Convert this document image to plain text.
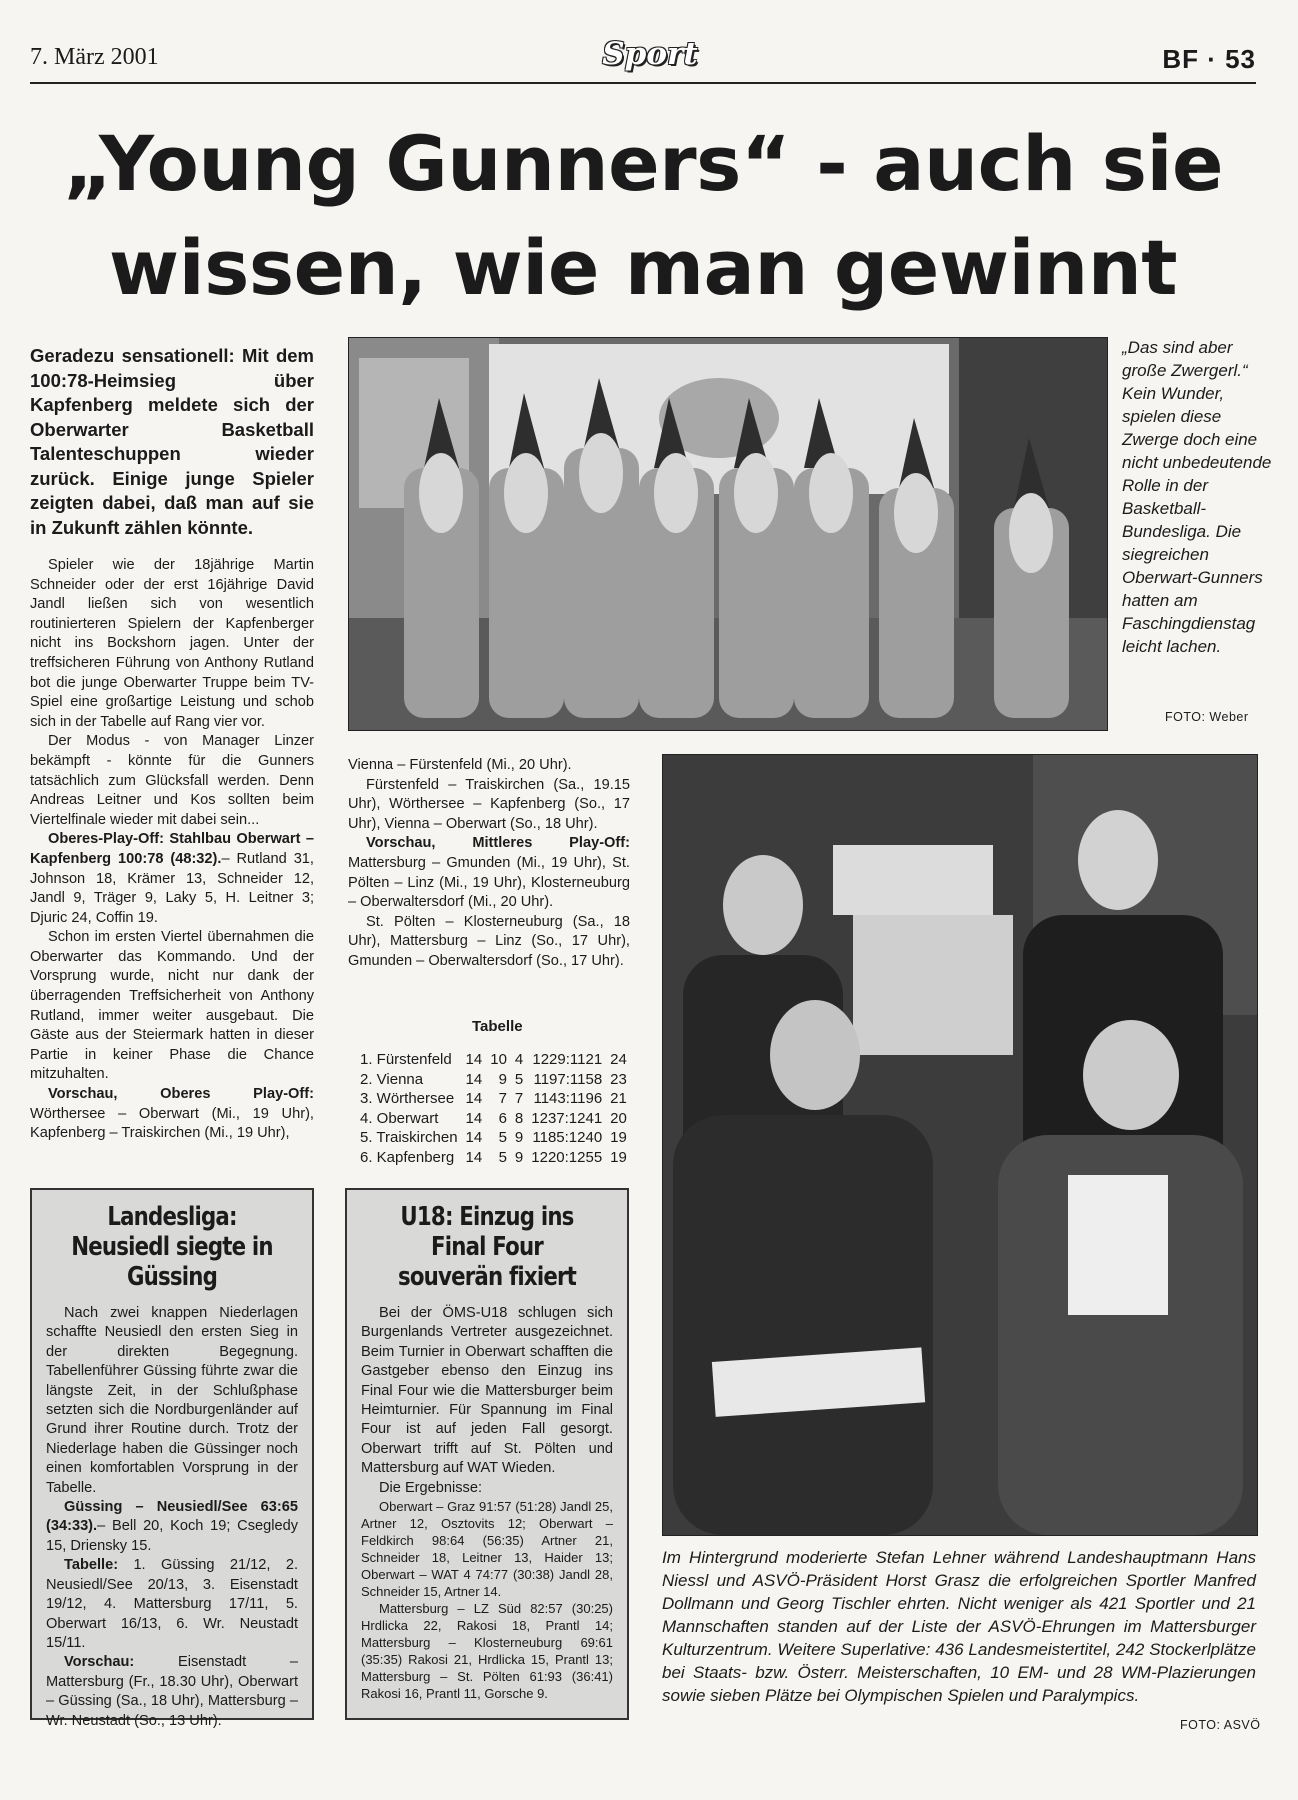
7. März 2001	Sport	BF · 53
„Young Gunners“ - auch sie
wissen, wie man gewinnt
Geradezu sensationell: Mit dem 100:78-Heimsieg über Kapfenberg meldete sich der Oberwarter Basketball Talenteschuppen wieder zurück. Einige junge Spieler zeigten dabei, daß man auf sie in Zukunft zählen könnte.

Spieler wie der 18jährige Martin Schneider oder der erst 16jährige David Jandl ließen sich von wesentlich routinierteren Spielern der Kapfenberger nicht ins Bockshorn jagen. Unter der treffsicheren Führung von Anthony Rutland bot die junge Oberwarter Truppe beim TV-Spiel eine großartige Leistung und schob sich in der Tabelle auf Rang vier vor.

Der Modus - von Manager Linzer bekämpft - könnte für die Gunners tatsächlich zum Glücksfall werden. Denn Andreas Leitner und Kos sollten beim Viertelfinale wieder mit dabei sein...

Oberes-Play-Off: Stahlbau Oberwart – Kapfenberg 100:78 (48:32).– Rutland 31, Johnson 18, Krämer 13, Schneider 12, Jandl 9, Träger 9, Laky 5, H. Leitner 3; Djuric 24, Coffin 19.

Schon im ersten Viertel übernahmen die Oberwarter das Kommando. Und der Vorsprung wurde, nicht nur dank der überragenden Treffsicherheit von Anthony Rutland, immer weiter ausgebaut. Die Gäste aus der Steiermark hatten in dieser Partie in keiner Phase die Chance mitzuhalten.

Vorschau, Oberes Play-Off: Wörthersee – Oberwart (Mi., 19 Uhr), Kapfenberg – Traiskirchen (Mi., 19 Uhr),

Vienna – Fürstenfeld (Mi., 20 Uhr).

Fürstenfeld – Traiskirchen (Sa., 19.15 Uhr), Wörthersee – Kapfenberg (So., 17 Uhr), Vienna – Oberwart (So., 18 Uhr).

Vorschau, Mittleres Play-Off: Mattersburg – Gmunden (Mi., 19 Uhr), St. Pölten – Linz (Mi., 19 Uhr), Klosterneuburg – Oberwaltersdorf (Mi., 20 Uhr).

St. Pölten – Klosterneuburg (Sa., 18 Uhr), Mattersburg – Linz (So., 17 Uhr), Gmunden – Oberwaltersdorf (So., 17 Uhr).

Tabelle
1. Fürstenfeld	14	10	4	1229:1121	24
2. Vienna	14	9	5	1197:1158	23
3. Wörthersee	14	7	7	1143:1196	21
4. Oberwart	14	6	8	1237:1241	20
5. Traiskirchen	14	5	9	1185:1240	19
6. Kapfenberg	14	5	9	1220:1255	19
„Das sind aber große Zwergerl.“ Kein Wunder, spielen diese Zwerge doch eine nicht unbedeutende Rolle in der Basketball-Bundesliga. Die siegreichen Oberwart-Gunners hatten am Faschingdienstag leicht lachen.
FOTO: Weber
Im Hintergrund moderierte Stefan Lehner während Landeshauptmann Hans Niessl und ASVÖ-Präsident Horst Grasz die erfolgreichen Sportler Manfred Dollmann und Georg Tischler ehrten. Nicht weniger als 421 Sportler und 21 Mannschaften standen auf der Liste der ASVÖ-Ehrungen im Mattersburger Kulturzentrum. Weitere Superlative: 436 Landesmeistertitel, 242 Stockerlplätze bei Staats- bzw. Österr. Meisterschaften, 10 EM- und 28 WM-Plazierungen sowie sieben Plätze bei Olympischen Spielen und Paralympics.
FOTO: ASVÖ
Landesliga: Neusiedl siegte in Güssing

Nach zwei knappen Niederlagen schaffte Neusiedl den ersten Sieg in der direkten Begegnung. Tabellenführer Güssing führte zwar die längste Zeit, in der Schlußphase setzten sich die Nordburgenländer auf Grund ihrer Routine durch. Trotz der Niederlage haben die Güssinger noch einen komfortablen Vorsprung in der Tabelle.

Güssing – Neusiedl/See 63:65 (34:33).– Bell 20, Koch 19; Csegledy 15, Driensky 15.

Tabelle: 1. Güssing 21/12, 2. Neusiedl/See 20/13, 3. Eisenstadt 19/12, 4. Mattersburg 17/11, 5. Oberwart 16/13, 6. Wr. Neustadt 15/11.

Vorschau: Eisenstadt – Mattersburg (Fr., 18.30 Uhr), Oberwart – Güssing (Sa., 18 Uhr), Mattersburg – Wr. Neustadt (So., 13 Uhr).

U18: Einzug ins Final Four souverän fixiert

Bei der ÖMS-U18 schlugen sich Burgenlands Vertreter ausgezeichnet. Beim Turnier in Oberwart schafften die Gastgeber ebenso den Einzug ins Final Four wie die Mattersburger beim Heimturnier. Für Spannung im Final Four ist auf jeden Fall gesorgt. Oberwart trifft auf St. Pölten und Mattersburg auf WAT Wieden.

Die Ergebnisse:

Oberwart – Graz 91:57 (51:28) Jandl 25, Artner 12, Osztovits 12; Oberwart – Feldkirch 98:64 (56:35) Artner 21, Schneider 18, Leitner 13, Haider 13; Oberwart – WAT 4 74:77 (30:38) Jandl 28, Schneider 15, Artner 14.

Mattersburg – LZ Süd 82:57 (30:25) Hrdlicka 22, Rakosi 18, Prantl 14; Mattersburg – Klosterneuburg 69:61 (35:35) Rakosi 21, Hrdlicka 15, Prantl 13; Mattersburg – St. Pölten 61:93 (36:41) Rakosi 16, Prantl 11, Gorsche 9.
